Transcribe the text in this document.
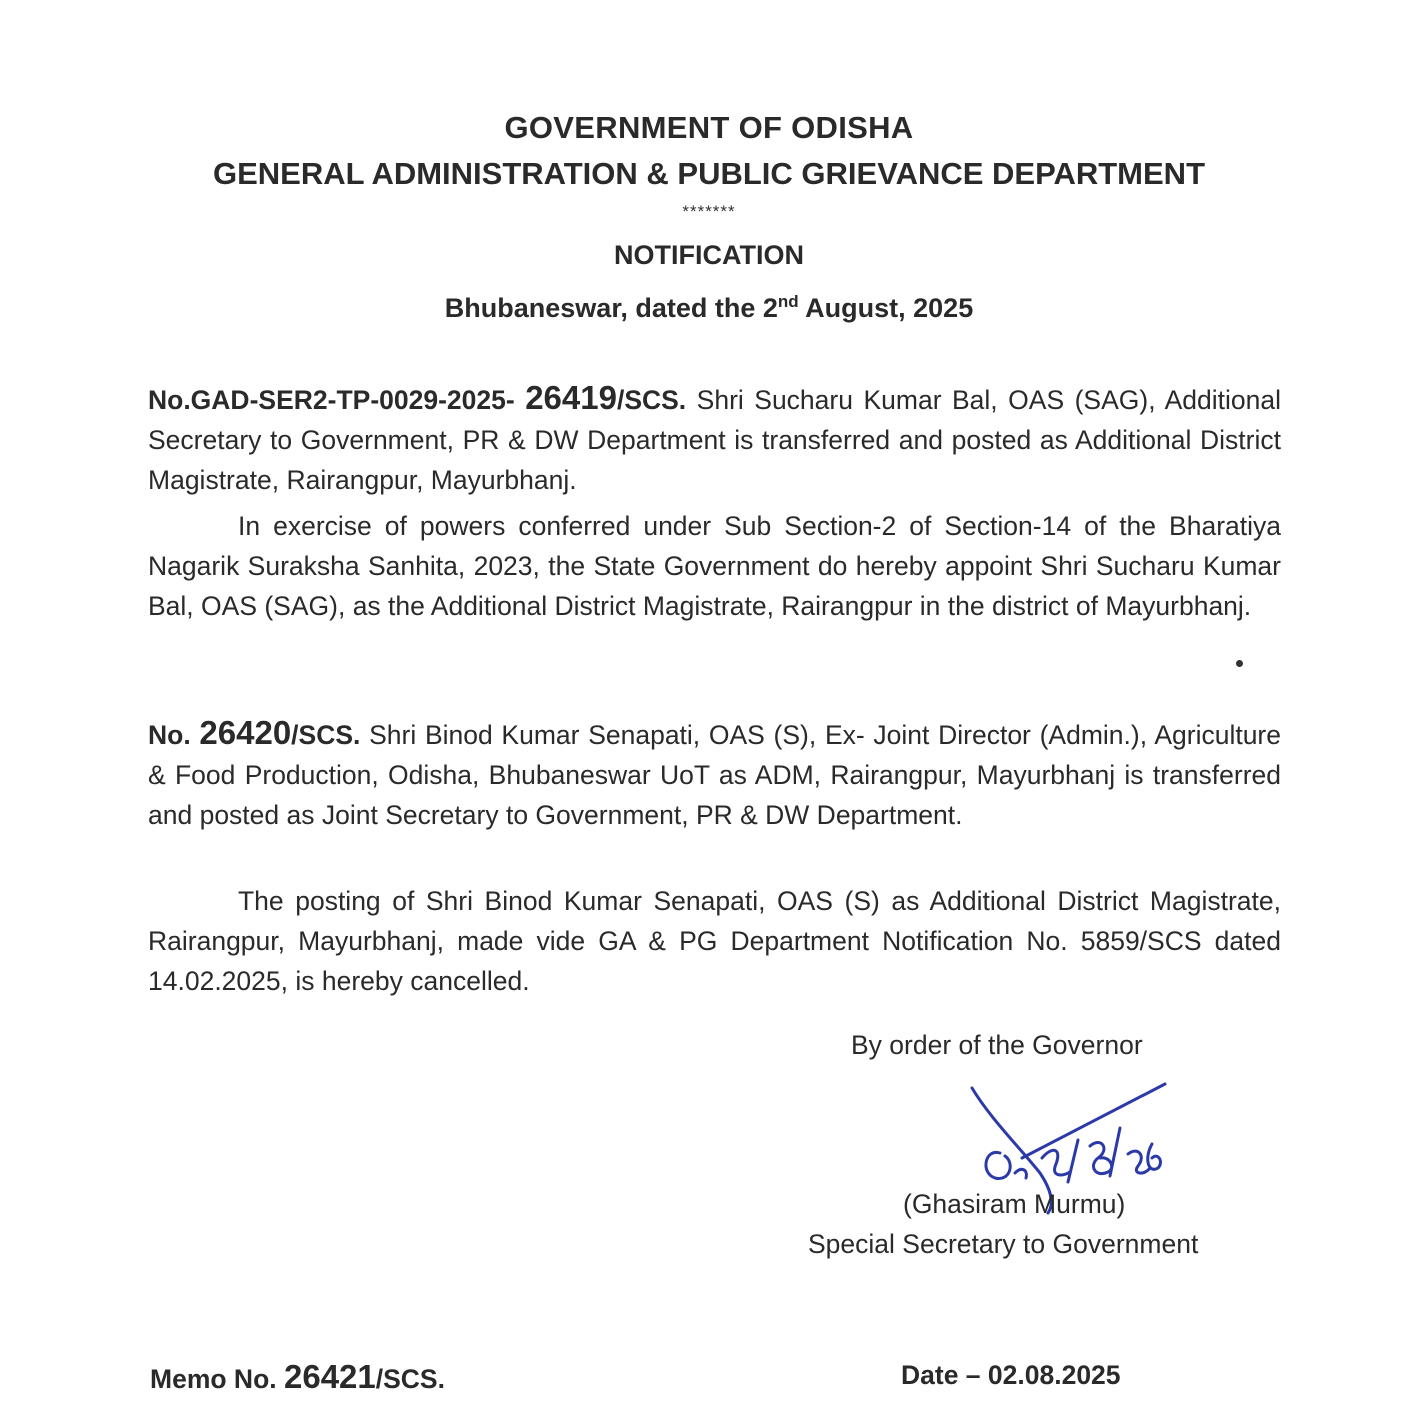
GOVERNMENT OF ODISHA
GENERAL ADMINISTRATION & PUBLIC GRIEVANCE DEPARTMENT
*******
NOTIFICATION
Bhubaneswar, dated the 2nd August, 2025
No.GAD-SER2-TP-0029-2025- 26419/SCS. Shri Sucharu Kumar Bal, OAS (SAG), Additional Secretary to Government, PR & DW Department is transferred and posted as Additional District Magistrate, Rairangpur, Mayurbhanj.
In exercise of powers conferred under Sub Section-2 of Section-14 of the Bharatiya Nagarik Suraksha Sanhita, 2023, the State Government do hereby appoint Shri Sucharu Kumar Bal, OAS (SAG), as the Additional District Magistrate, Rairangpur in the district of Mayurbhanj.
No. 26420/SCS. Shri Binod Kumar Senapati, OAS (S), Ex- Joint Director (Admin.), Agriculture & Food Production, Odisha, Bhubaneswar UoT as ADM, Rairangpur, Mayurbhanj is transferred and posted as Joint Secretary to Government, PR & DW Department.
The posting of Shri Binod Kumar Senapati, OAS (S) as Additional District Magistrate, Rairangpur, Mayurbhanj, made vide GA & PG Department Notification No. 5859/SCS dated 14.02.2025, is hereby cancelled.
By order of the Governor
(Ghasiram Murmu)
Special Secretary to Government
Memo No. 26421/SCS.	Date – 02.08.2025
